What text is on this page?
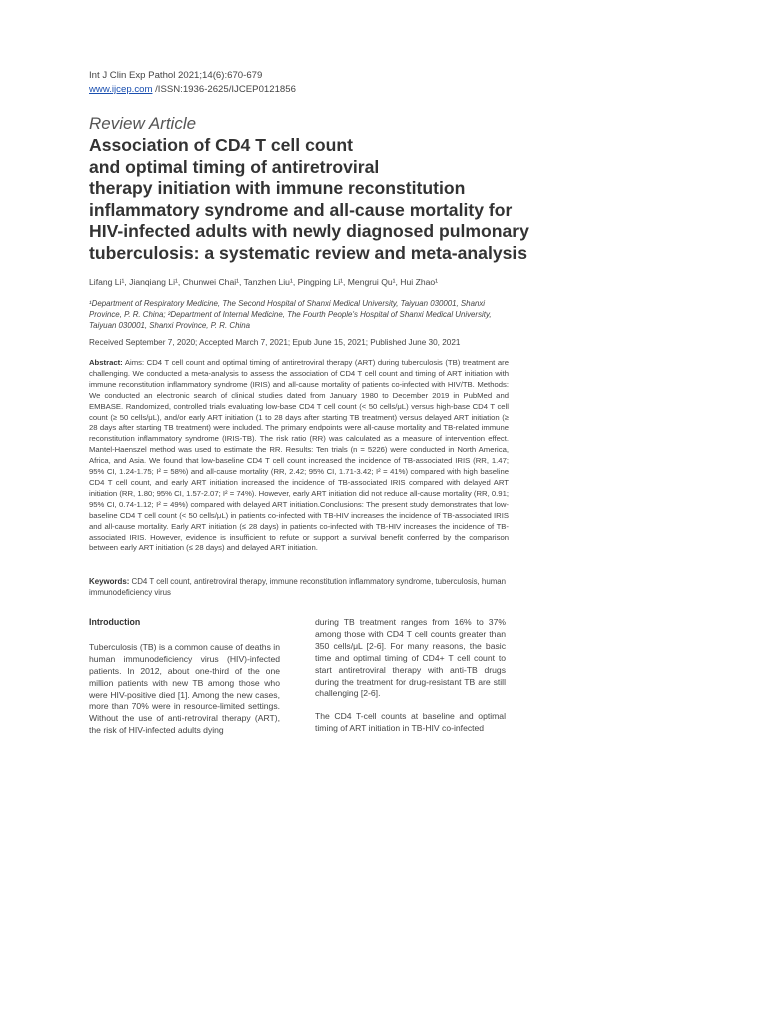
Int J Clin Exp Pathol 2021;14(6):670-679
www.ijcep.com /ISSN:1936-2625/IJCEP0121856
Review Article
Association of CD4 T cell count
and optimal timing of antiretroviral
therapy initiation with immune reconstitution
inflammatory syndrome and all-cause mortality for
HIV-infected adults with newly diagnosed pulmonary
tuberculosis: a systematic review and meta-analysis
Lifang Li¹, Jianqiang Li¹, Chunwei Chai¹, Tanzhen Liu¹, Pingping Li¹, Mengrui Qu¹, Hui Zhao¹
¹Department of Respiratory Medicine, The Second Hospital of Shanxi Medical University, Taiyuan 030001, Shanxi Province, P. R. China; ²Department of Internal Medicine, The Fourth People's Hospital of Shanxi Medical University, Taiyuan 030001, Shanxi Province, P. R. China
Received September 7, 2020; Accepted March 7, 2021; Epub June 15, 2021; Published June 30, 2021
Abstract: Aims: CD4 T cell count and optimal timing of antiretroviral therapy (ART) during tuberculosis (TB) treatment are challenging. We conducted a meta-analysis to assess the association of CD4 T cell count and timing of ART initiation with immune reconstitution inflammatory syndrome (IRIS) and all-cause mortality of patients co-infected with HIV/TB. Methods: We conducted an electronic search of clinical studies dated from January 1980 to December 2019 in PubMed and EMBASE. Randomized, controlled trials evaluating low-base CD4 T cell count (< 50 cells/μL) versus high-base CD4 T cell count (≥ 50 cells/μL), and/or early ART initiation (1 to 28 days after starting TB treatment) versus delayed ART initiation (≥ 28 days after starting TB treatment) were included. The primary endpoints were all-cause mortality and TB-related immune reconstitution inflammatory syndrome (IRIS-TB). The risk ratio (RR) was calculated as a measure of intervention effect. Mantel-Haenszel method was used to estimate the RR. Results: Ten trials (n = 5226) were conducted in North America, Africa, and Asia. We found that low-baseline CD4 T cell count increased the incidence of TB-associated IRIS (RR, 1.47; 95% CI, 1.24-1.75; I² = 58%) and all-cause mortality (RR, 2.42; 95% CI, 1.71-3.42; I² = 41%) compared with high baseline CD4 T cell count, and early ART initiation increased the incidence of TB-associated IRIS compared with delayed ART initiation (RR, 1.80; 95% CI, 1.57-2.07; I² = 74%). However, early ART initiation did not reduce all-cause mortality (RR, 0.91; 95% CI, 0.74-1.12; I² = 49%) compared with delayed ART initiation.Conclusions: The present study demonstrates that low-baseline CD4 T cell count (< 50 cells/μL) in patients co-infected with TB-HIV increases the incidence of TB-associated IRIS and all-cause mortality. Early ART initiation (≤ 28 days) in patients co-infected with TB-HIV increases the incidence of TB-associated IRIS. However, evidence is insufficient to refute or support a survival benefit conferred by the comparison between early ART initiation (≤ 28 days) and delayed ART initiation.
Keywords: CD4 T cell count, antiretroviral therapy, immune reconstitution inflammatory syndrome, tuberculosis, human immunodeficiency virus
Introduction
Tuberculosis (TB) is a common cause of deaths in human immunodeficiency virus (HIV)-infected patients. In 2012, about one-third of the one million patients with new TB among those who were HIV-positive died [1]. Among the new cases, more than 70% were in resource-limited settings. Without the use of anti-retroviral therapy (ART), the risk of HIV-infected adults dying
during TB treatment ranges from 16% to 37% among those with CD4 T cell counts greater than 350 cells/μL [2-6]. For many reasons, the basic time and optimal timing of CD4+ T cell count to start antiretroviral therapy with anti-TB drugs during the treatment for drug-resistant TB are still challenging [2-6].
The CD4 T-cell counts at baseline and optimal timing of ART initiation in TB-HIV co-infected
